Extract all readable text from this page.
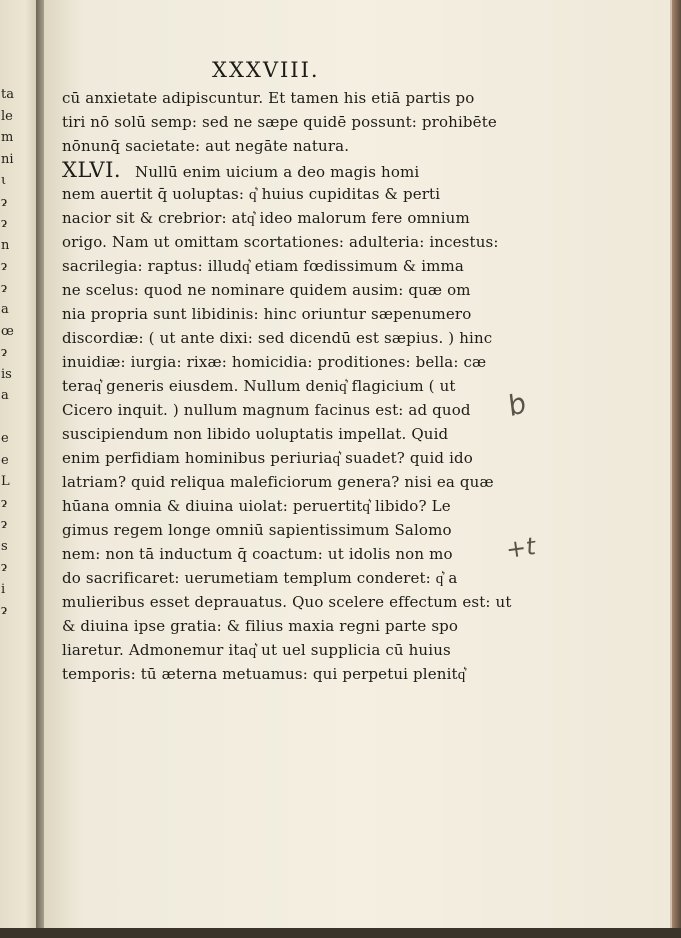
ta
le
m
ni
ι
ɂ
ɂ
n
ɂ
ɂ
a
œ
ɂ
is
a
e
e
L
ɂ
ɂ
s
ɂ
i
ɂ
XXXVIII.
cū anxietate adipiscuntur. Et tamen his etiā partis po
tiri nō solū semp: sed ne sæpe quidē possunt: prohibēte
nōnunq̄ sacietate: aut negāte natura.
XLVI. Nullū enim uicium a deo magis homi
nem auertit q̄ uoluptas: q͛ huius cupiditas & perti
nacior sit & crebrior: atq͛ ideo malorum fere omnium
origo. Nam ut omittam scortationes: adulteria: incestus:
sacrilegia: raptus: illudq͛ etiam fœdissimum & imma
ne scelus: quod ne nominare quidem ausim: quæ om
nia propria sunt libidinis: hinc oriuntur sæpenumero
discordiæ: ( ut ante dixi: sed dicendū est sæpius. ) hinc
inuidiæ: iurgia: rixæ: homicidia: proditiones: bella: cæ
teraq͛ generis eiusdem. Nullum deniq͛ flagicium ( ut
Cicero inquit. ) nullum magnum facinus est: ad quod
suscipiendum non libido uoluptatis impellat. Quid
enim perfidiam hominibus periuriaq͛ suadet? quid ido
latriam? quid reliqua maleficiorum genera? nisi ea quæ
hūana omnia & diuina uiolat: peruertitq͛ libido? Le
gimus regem longe omniū sapientissimum Salomo
nem: non tā inductum q̄ coactum: ut idolis non mo
do sacrificaret: uerumetiam templum conderet: q͛ a
mulieribus esset deprauatus. Quo scelere effectum est: ut
& diuina ipse gratia: & filius maxia regni parte spo
liaretur. Admonemur itaq͛ ut uel supplicia cū huius
temporis: tū æterna metuamus: qui perpetui plenitq͛
b
+t
